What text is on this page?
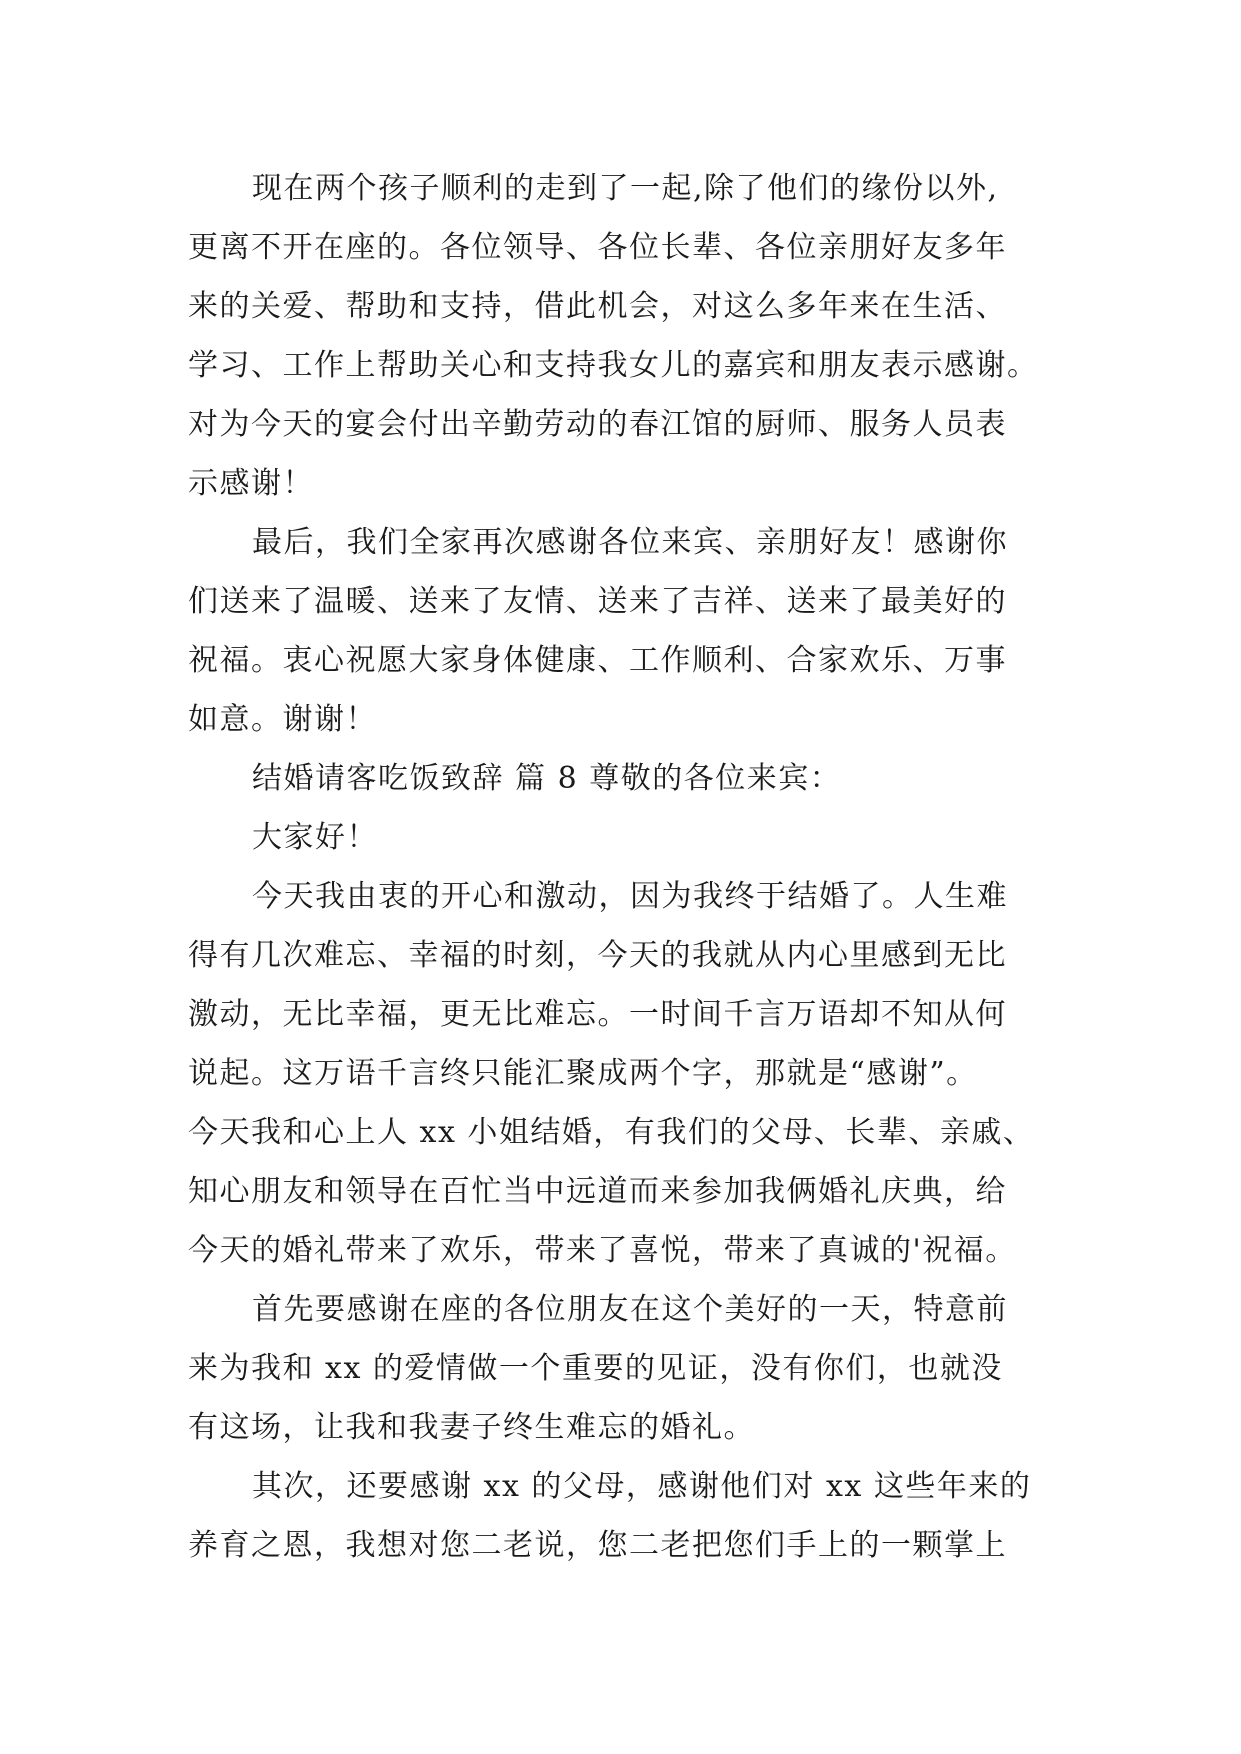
现在两个孩子顺利的走到了一起,除了他们的缘份以外,
更离不开在座的。各位领导、各位长辈、各位亲朋好友多年
来的关爱、帮助和支持，借此机会，对这么多年来在生活、
学习、工作上帮助关心和支持我女儿的嘉宾和朋友表示感谢。
对为今天的宴会付出辛勤劳动的春江馆的厨师、服务人员表
示感谢！
最后，我们全家再次感谢各位来宾、亲朋好友！感谢你
们送来了温暖、送来了友情、送来了吉祥、送来了最美好的
祝福。衷心祝愿大家身体健康、工作顺利、合家欢乐、万事
如意。谢谢！
结婚请客吃饭致辞 篇 8 尊敬的各位来宾：
大家好！
今天我由衷的开心和激动，因为我终于结婚了。人生难
得有几次难忘、幸福的时刻，今天的我就从内心里感到无比
激动，无比幸福，更无比难忘。一时间千言万语却不知从何
说起。这万语千言终只能汇聚成两个字，那就是“感谢”。
今天我和心上人 xx 小姐结婚，有我们的父母、长辈、亲戚、
知心朋友和领导在百忙当中远道而来参加我俩婚礼庆典，给
今天的婚礼带来了欢乐，带来了喜悦，带来了真诚的'祝福。
首先要感谢在座的各位朋友在这个美好的一天，特意前
来为我和 xx 的爱情做一个重要的见证，没有你们，也就没
有这场，让我和我妻子终生难忘的婚礼。
其次，还要感谢 xx 的父母，感谢他们对 xx 这些年来的
养育之恩，我想对您二老说，您二老把您们手上的一颗掌上
